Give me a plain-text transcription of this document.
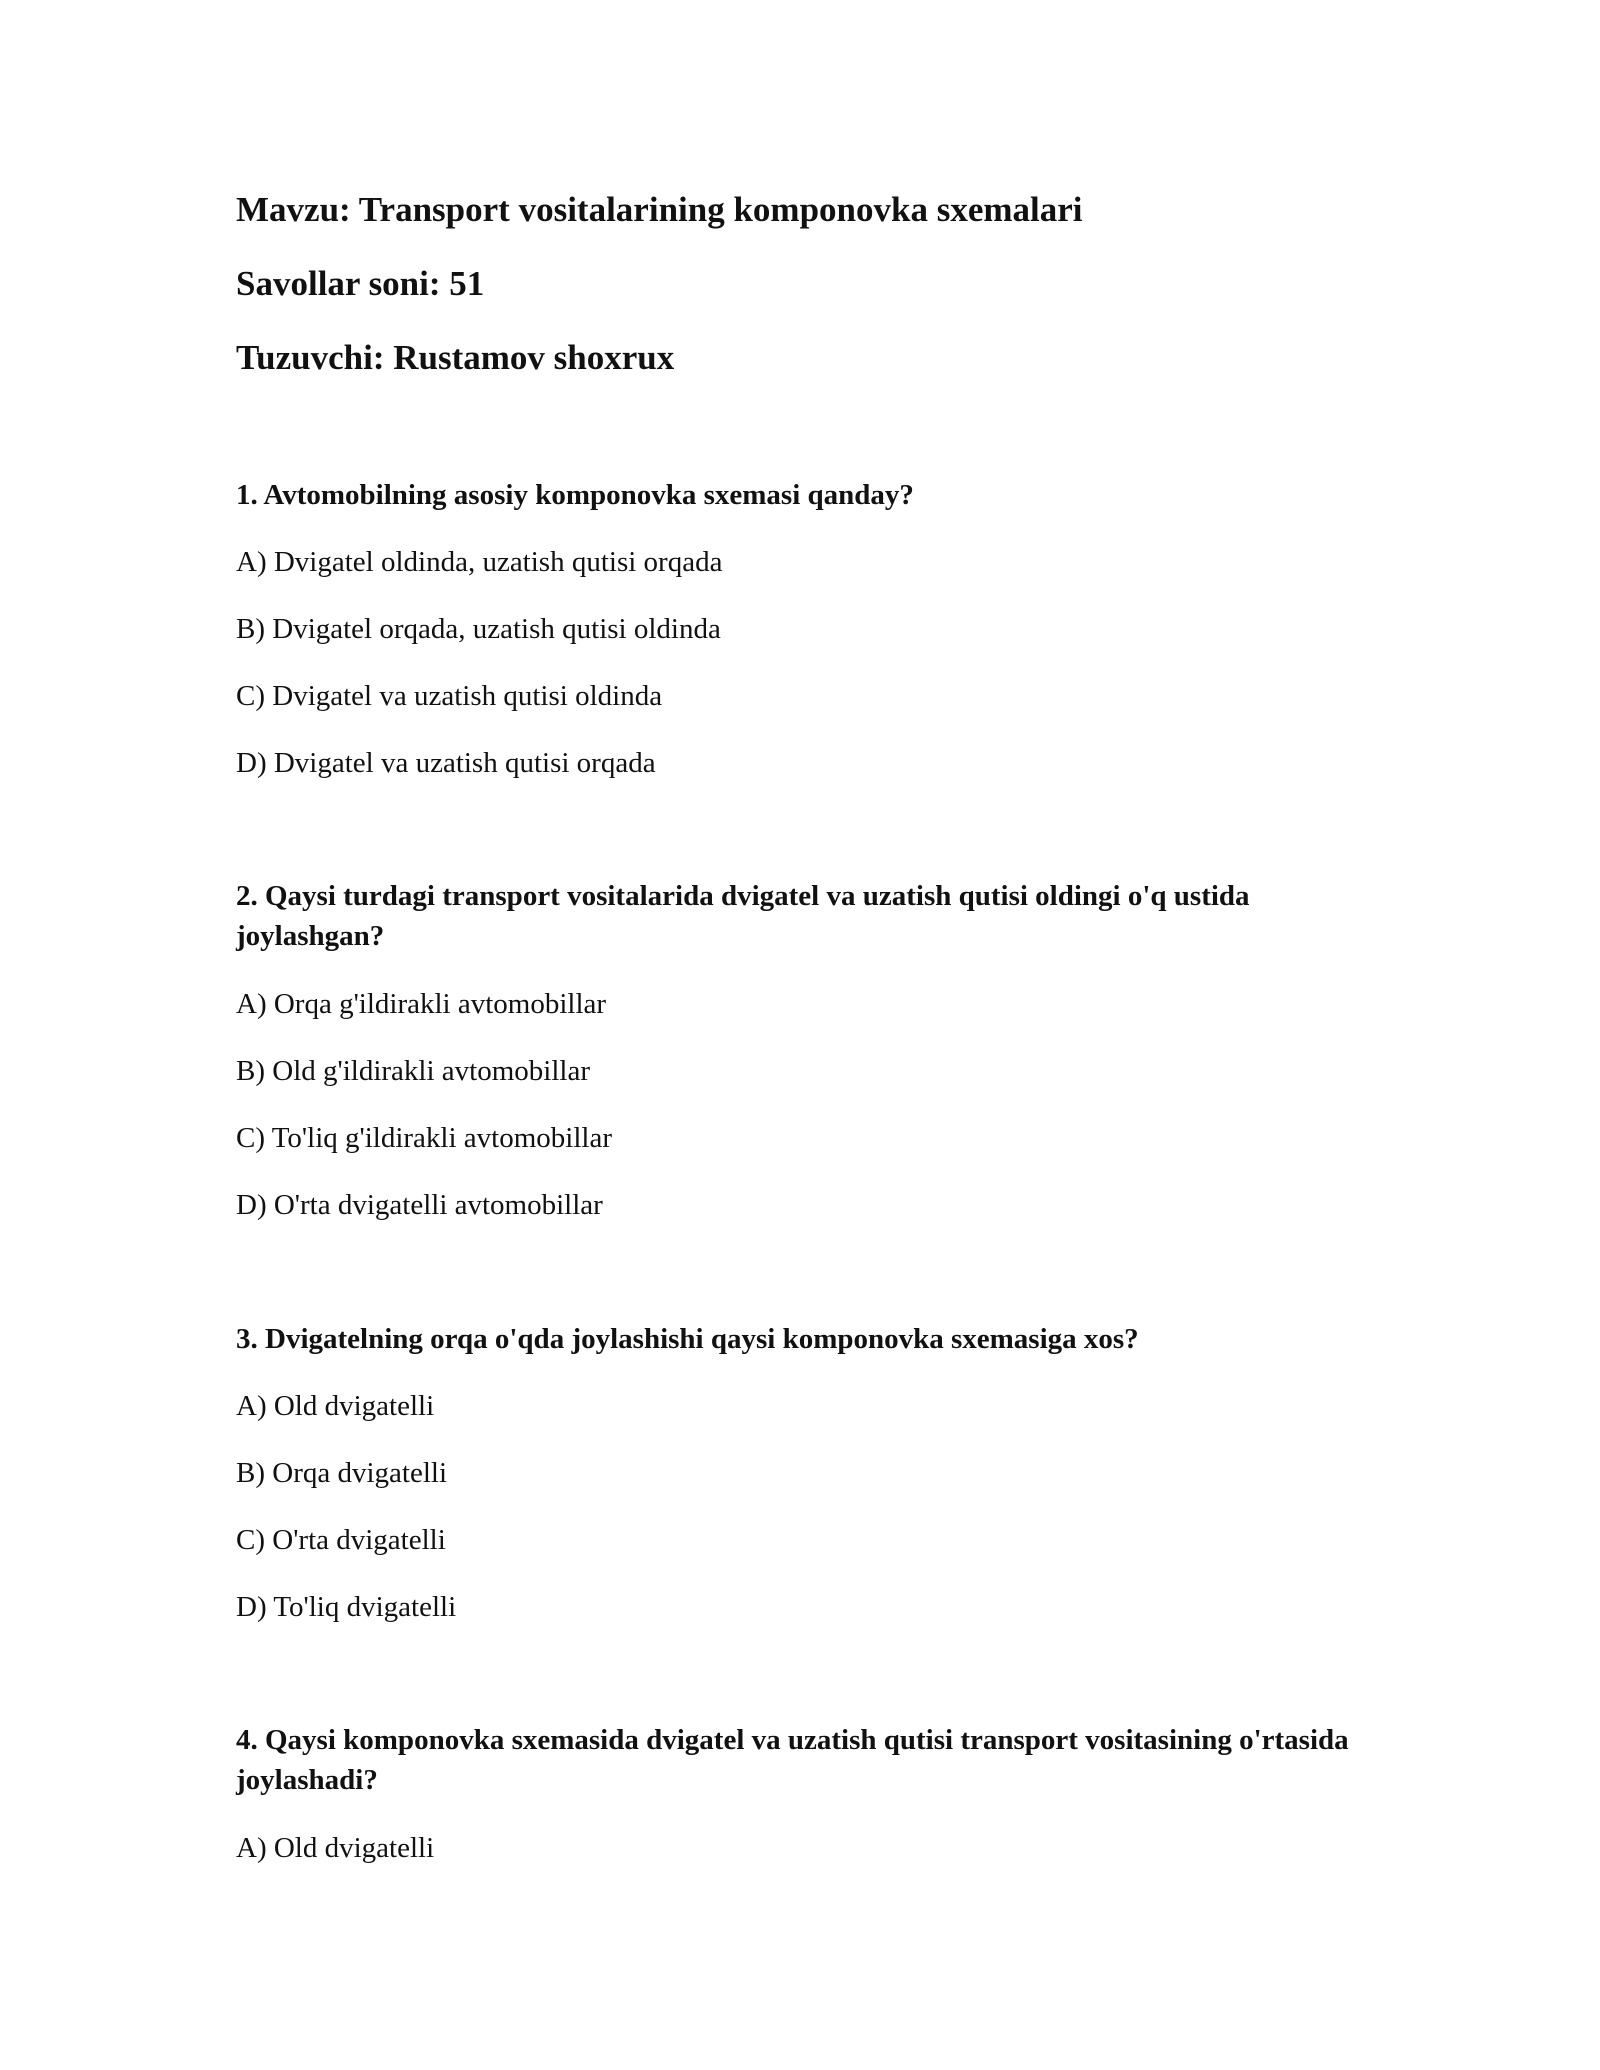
Mavzu: Transport vositalarining komponovka sxemalari

Savollar soni: 51

Tuzuvchi: Rustamov shoxrux

1. Avtomobilning asosiy komponovka sxemasi qanday?

A) Dvigatel oldinda, uzatish qutisi orqada

B) Dvigatel orqada, uzatish qutisi oldinda

C) Dvigatel va uzatish qutisi oldinda

D) Dvigatel va uzatish qutisi orqada

2. Qaysi turdagi transport vositalarida dvigatel va uzatish qutisi oldingi o'q ustida joylashgan?

A) Orqa g'ildirakli avtomobillar

B) Old g'ildirakli avtomobillar

C) To'liq g'ildirakli avtomobillar

D) O'rta dvigatelli avtomobillar

3. Dvigatelning orqa o'qda joylashishi qaysi komponovka sxemasiga xos?

A) Old dvigatelli

B) Orqa dvigatelli

C) O'rta dvigatelli

D) To'liq dvigatelli

4. Qaysi komponovka sxemasida dvigatel va uzatish qutisi transport vositasining o'rtasida joylashadi?

A) Old dvigatelli
